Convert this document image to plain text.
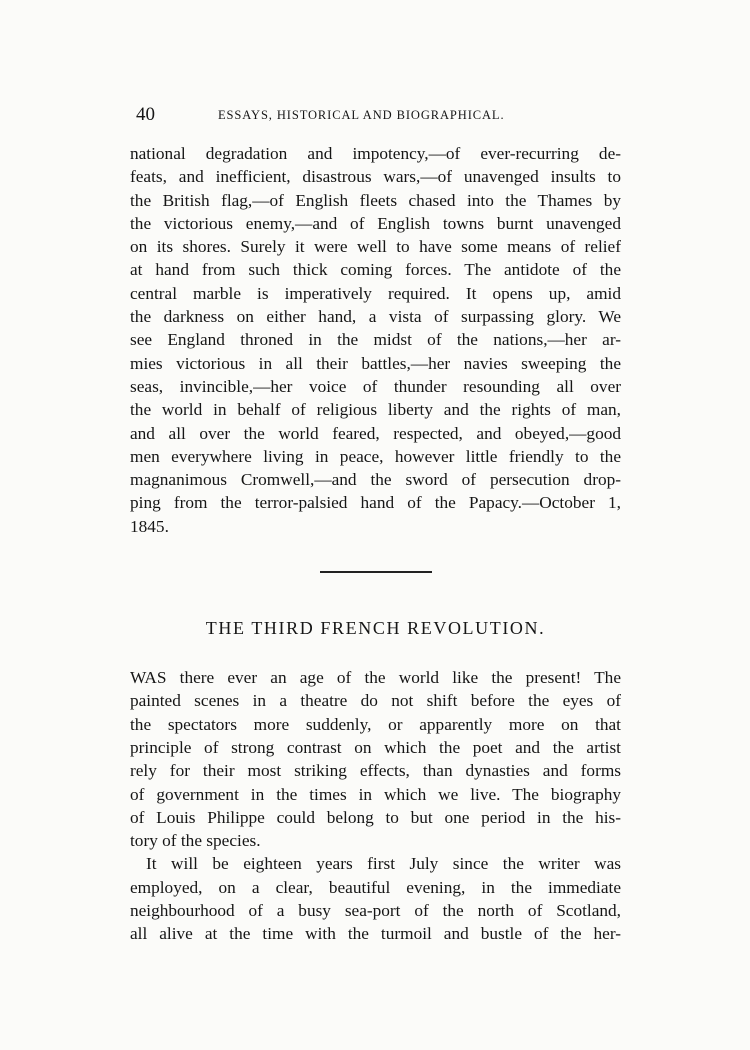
40	ESSAYS, HISTORICAL AND BIOGRAPHICAL.
national degradation and impotency,—of ever-recurring de-
feats, and inefficient, disastrous wars,—of unavenged insults to
the British flag,—of English fleets chased into the Thames by
the victorious enemy,—and of English towns burnt unavenged
on its shores. Surely it were well to have some means of relief
at hand from such thick coming forces. The antidote of the
central marble is imperatively required. It opens up, amid
the darkness on either hand, a vista of surpassing glory. We
see England throned in the midst of the nations,—her ar-
mies victorious in all their battles,—her navies sweeping the
seas, invincible,—her voice of thunder resounding all over
the world in behalf of religious liberty and the rights of man,
and all over the world feared, respected, and obeyed,—good
men everywhere living in peace, however little friendly to the
magnanimous Cromwell,—and the sword of persecution drop-
ping from the terror-palsied hand of the Papacy.—October 1,
1845.
THE THIRD FRENCH REVOLUTION.
WAS there ever an age of the world like the present! The
painted scenes in a theatre do not shift before the eyes of
the spectators more suddenly, or apparently more on that
principle of strong contrast on which the poet and the artist
rely for their most striking effects, than dynasties and forms
of government in the times in which we live. The biography
of Louis Philippe could belong to but one period in the his-
tory of the species.
It will be eighteen years first July since the writer was
employed, on a clear, beautiful evening, in the immediate
neighbourhood of a busy sea-port of the north of Scotland,
all alive at the time with the turmoil and bustle of the her-
